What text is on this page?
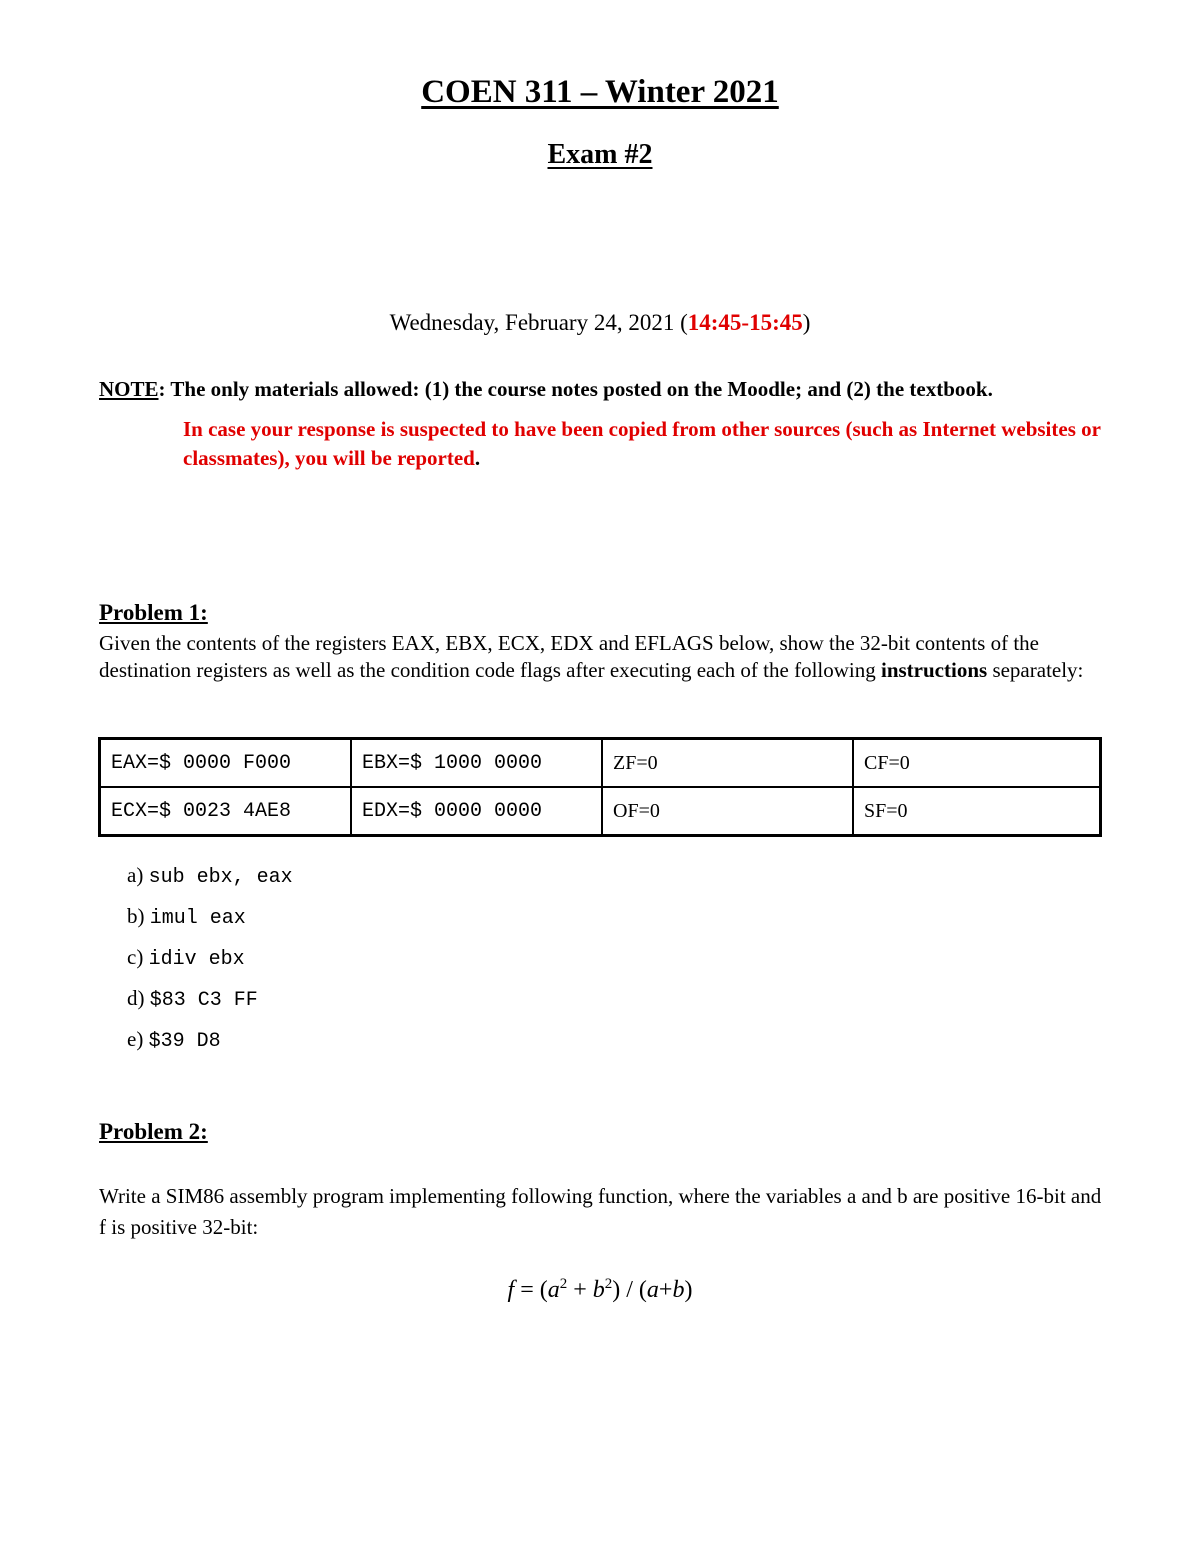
COEN 311 – Winter 2021
Exam #2
Wednesday, February 24, 2021 (14:45-15:45)
NOTE: The only materials allowed: (1) the course notes posted on the Moodle; and (2) the textbook.
In case your response is suspected to have been copied from other sources (such as Internet websites or classmates), you will be reported.
Problem 1:
Given the contents of the registers EAX, EBX, ECX, EDX and EFLAGS below, show the 32-bit contents of the destination registers as well as the condition code flags after executing each of the following instructions separately:
EAX=$ 0000 F000	EBX=$ 1000 0000	ZF=0	CF=0
ECX=$ 0023 4AE8	EDX=$ 0000 0000	OF=0	SF=0
a) sub ebx, eax
b) imul eax
c) idiv ebx
d) $83 C3 FF
e) $39 D8
Problem 2:
Write a SIM86 assembly program implementing following function, where the variables a and b are positive 16-bit and f is positive 32-bit:
$f = (a^2 + b^2) / (a+b)$
